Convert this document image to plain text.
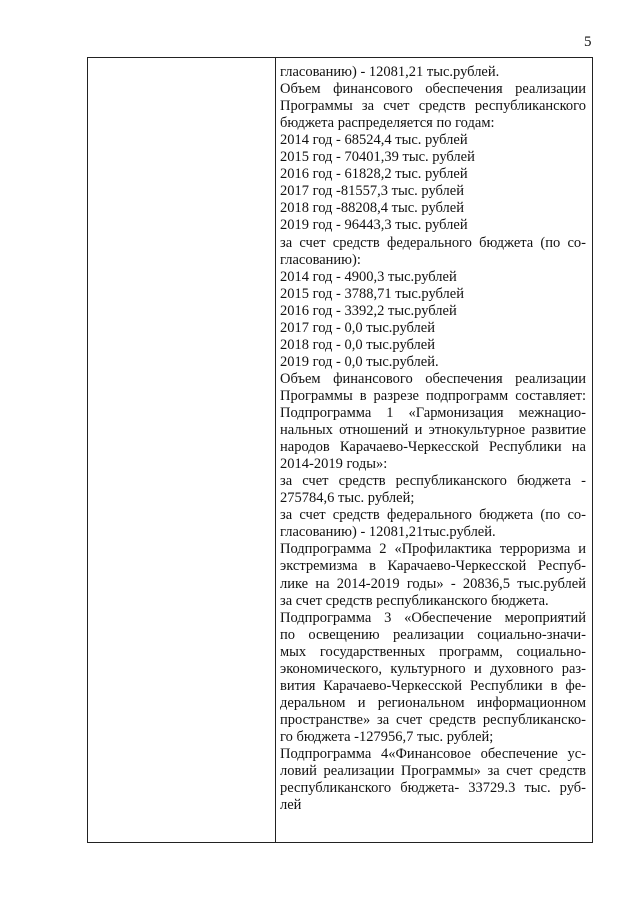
5
гласованию) - 12081,21 тыс.рублей.
Объем финансового обеспечения реализации
Программы за счет средств республиканского
бюджета распределяется по годам:
2014 год - 68524,4 тыс. рублей
2015 год - 70401,39 тыс. рублей
2016 год - 61828,2 тыс. рублей
2017 год -81557,3 тыс. рублей
2018 год -88208,4 тыс. рублей
2019 год - 96443,3 тыс. рублей
за счет средств федерального бюджета (по со-
гласованию):
2014 год - 4900,3 тыс.рублей
2015 год - 3788,71 тыс.рублей
2016 год - 3392,2 тыс.рублей
2017 год - 0,0 тыс.рублей
2018 год - 0,0 тыс.рублей
2019 год - 0,0 тыс.рублей.
Объем финансового обеспечения реализации
Программы в разрезе подпрограмм составляет:
Подпрограмма 1 «Гармонизация межнацио-
нальных отношений и этнокультурное развитие
народов Карачаево-Черкесской Республики на
2014-2019 годы»:
за счет средств республиканского бюджета -
275784,6 тыс. рублей;
за счет средств федерального бюджета (по со-
гласованию) - 12081,21тыс.рублей.
Подпрограмма 2 «Профилактика терроризма и
экстремизма в Карачаево-Черкесской Респуб-
лике на 2014-2019 годы» - 20836,5 тыс.рублей
за счет средств республиканского бюджета.
Подпрограмма 3 «Обеспечение мероприятий
по освещению реализации социально-значи-
мых государственных программ, социально-
экономического, культурного и духовного раз-
вития Карачаево-Черкесской Республики в фе-
деральном и региональном информационном
пространстве» за счет средств республиканско-
го бюджета -127956,7 тыс. рублей;
Подпрограмма 4«Финансовое обеспечение ус-
ловий реализации Программы» за счет средств
республиканского бюджета- 33729.3 тыс. руб-
лей
